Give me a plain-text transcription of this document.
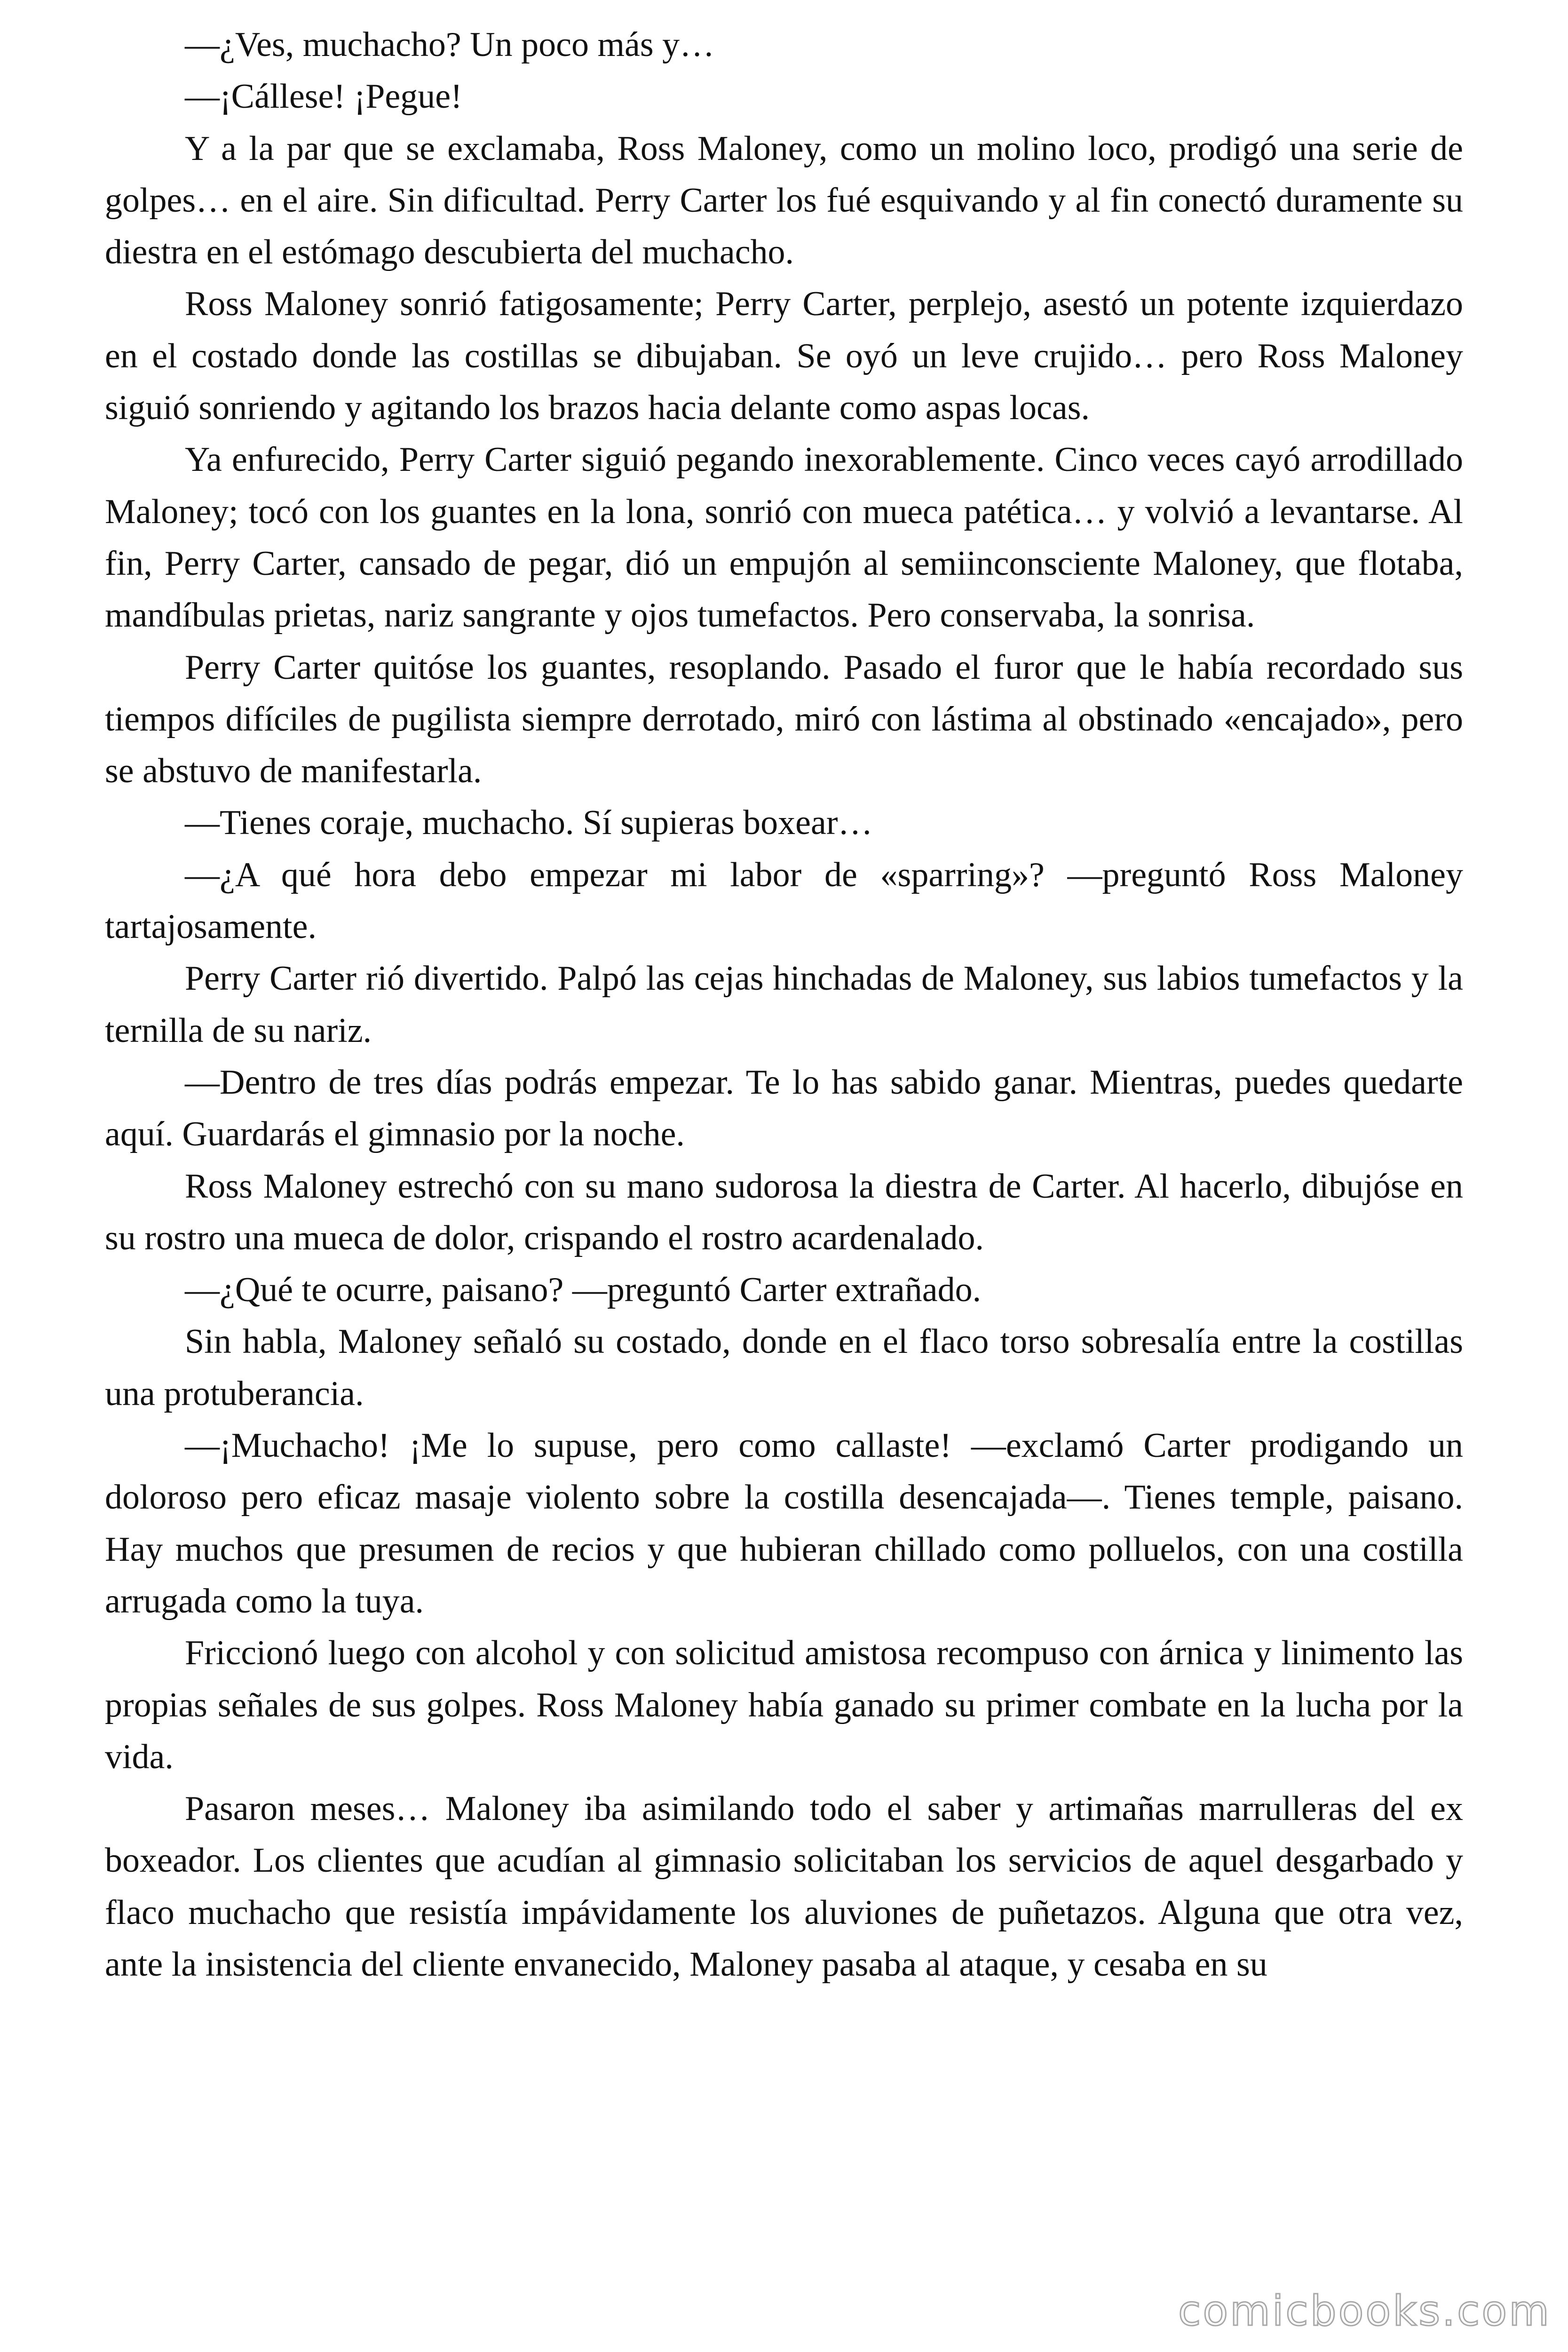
—¿Ves, muchacho? Un poco más y…

—¡Cállese! ¡Pegue!

Y a la par que se exclamaba, Ross Maloney, como un molino loco, prodigó una serie de golpes… en el aire. Sin dificultad. Perry Carter los fué esquivando y al fin conectó duramente su diestra en el estómago descubierta del muchacho.

Ross Maloney sonrió fatigosamente; Perry Carter, perplejo, asestó un potente izquierdazo en el costado donde las costillas se dibujaban. Se oyó un leve crujido… pero Ross Maloney siguió sonriendo y agitando los brazos hacia delante como aspas locas.

Ya enfurecido, Perry Carter siguió pegando inexorablemente. Cinco veces cayó arrodillado Maloney; tocó con los guantes en la lona, sonrió con mueca patética… y volvió a levantarse. Al fin, Perry Carter, cansado de pegar, dió un empujón al semiinconsciente Maloney, que flotaba, mandíbulas prietas, nariz sangrante y ojos tumefactos. Pero conservaba, la sonrisa.

Perry Carter quitóse los guantes, resoplando. Pasado el furor que le había recordado sus tiempos difíciles de pugilista siempre derrotado, miró con lástima al obstinado «encajado», pero se abstuvo de manifestarla.

—Tienes coraje, muchacho. Sí supieras boxear…

—¿A qué hora debo empezar mi labor de «sparring»? —preguntó Ross Maloney tartajosamente.

Perry Carter rió divertido. Palpó las cejas hinchadas de Maloney, sus labios tumefactos y la ternilla de su nariz.

—Dentro de tres días podrás empezar. Te lo has sabido ganar. Mientras, puedes quedarte aquí. Guardarás el gimnasio por la noche.

Ross Maloney estrechó con su mano sudorosa la diestra de Carter. Al hacerlo, dibujóse en su rostro una mueca de dolor, crispando el rostro acardenalado.

—¿Qué te ocurre, paisano? —preguntó Carter extrañado.

Sin habla, Maloney señaló su costado, donde en el flaco torso sobresalía entre la costillas una protuberancia.

—¡Muchacho! ¡Me lo supuse, pero como callaste! —exclamó Carter prodigando un doloroso pero eficaz masaje violento sobre la costilla desencajada—. Tienes temple, paisano. Hay muchos que presumen de recios y que hubieran chillado como polluelos, con una costilla arrugada como la tuya.

Friccionó luego con alcohol y con solicitud amistosa recompuso con árnica y linimento las propias señales de sus golpes. Ross Maloney había ganado su primer combate en la lucha por la vida.

Pasaron meses… Maloney iba asimilando todo el saber y artimañas marrulleras del ex boxeador. Los clientes que acudían al gimnasio solicitaban los servicios de aquel desgarbado y flaco muchacho que resistía impávidamente los aluviones de puñetazos. Alguna que otra vez, ante la insistencia del cliente envanecido, Maloney pasaba al ataque, y cesaba en su

comicbooks.com
